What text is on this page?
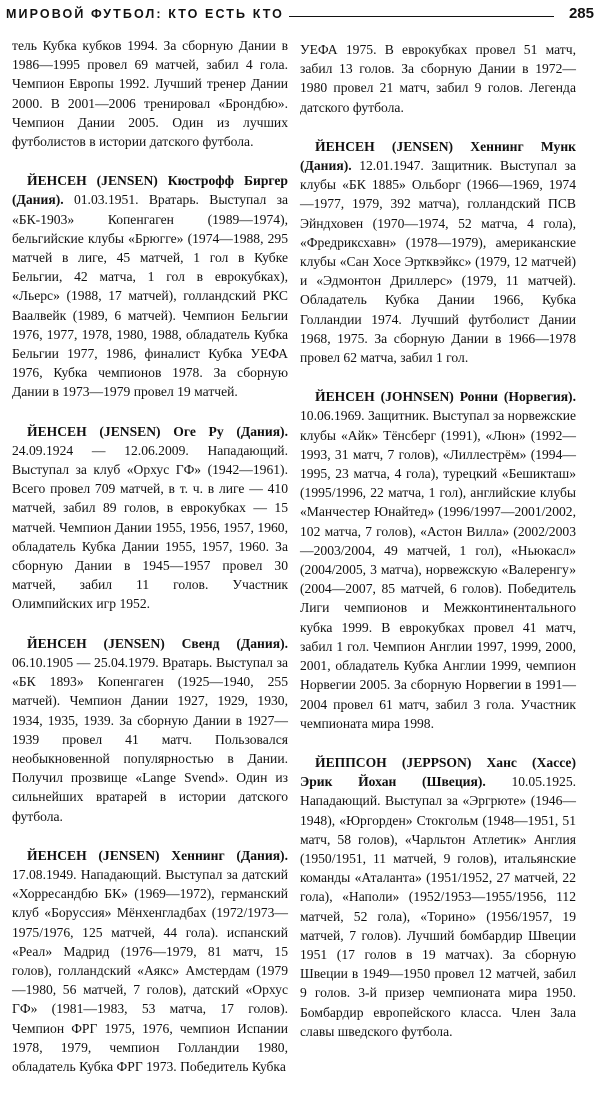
МИРОВОЙ ФУТБОЛ: КТО ЕСТЬ КТО	285

тель Кубка кубков 1994. За сборную Дании в 1986—1995 провел 69 матчей, забил 4 гола. Чемпион Европы 1992. Лучший тренер Дании 2000. В 2001—2006 тренировал «Брондбю». Чемпион Дании 2005. Один из лучших футболистов в истории датского футбола.

ЙЕНСЕН (JENSEN) Кюстрофф Биргер (Дания). 01.03.1951. Вратарь. Выступал за «БК-1903» Копенгаген (1989—1974), бельгийские клубы «Брюгге» (1974—1988, 295 матчей в лиге, 45 матчей, 1 гол в Кубке Бельгии, 42 матча, 1 гол в еврокубках), «Льерс» (1988, 17 матчей), голландский РКС Ваалвейк (1989, 6 матчей). Чемпион Бельгии 1976, 1977, 1978, 1980, 1988, обладатель Кубка Бельгии 1977, 1986, финалист Кубка УЕФА 1976, Кубка чемпионов 1978. За сборную Дании в 1973—1979 провел 19 матчей.

ЙЕНСЕН (JENSEN) Оге Ру (Дания). 24.09.1924 — 12.06.2009. Нападающий. Выступал за клуб «Орхус ГФ» (1942—1961). Всего провел 709 матчей, в т. ч. в лиге — 410 матчей, забил 89 голов, в еврокубках — 15 матчей. Чемпион Дании 1955, 1956, 1957, 1960, обладатель Кубка Дании 1955, 1957, 1960. За сборную Дании в 1945—1957 провел 30 матчей, забил 11 голов. Участник Олимпийских игр 1952.

ЙЕНСЕН (JENSEN) Свенд (Дания). 06.10.1905 — 25.04.1979. Вратарь. Выступал за «БК 1893» Копенгаген (1925—1940, 255 матчей). Чемпион Дании 1927, 1929, 1930, 1934, 1935, 1939. За сборную Дании в 1927—1939 провел 41 матч. Пользовался необыкновенной популярностью в Дании. Получил прозвище «Lange Svend». Один из сильнейших вратарей в истории датского футбола.

ЙЕНСЕН (JENSEN) Хеннинг (Дания). 17.08.1949. Нападающий. Выступал за датский «Хорресандбю БК» (1969—1972), германский клуб «Боруссия» Мёнхенгладбах (1972/1973—1975/1976, 125 матчей, 44 гола). испанский «Реал» Мадрид (1976—1979, 81 матч, 15 голов), голландский «Аякс» Амстердам (1979—1980, 56 матчей, 7 голов), датский «Орхус ГФ» (1981—1983, 53 матча, 17 голов). Чемпион ФРГ 1975, 1976, чемпион Испании 1978, 1979, чемпион Голландии 1980, обладатель Кубка ФРГ 1973. Победитель Кубка

УЕФА 1975. В еврокубках провел 51 матч, забил 13 голов. За сборную Дании в 1972—1980 провел 21 матч, забил 9 голов. Легенда датского футбола.

ЙЕНСЕН (JENSEN) Хеннинг Мунк (Дания). 12.01.1947. Защитник. Выступал за клубы «БК 1885» Ольборг (1966—1969, 1974—1977, 1979, 392 матча), голландский ПСВ Эйндховен (1970—1974, 52 матча, 4 гола), «Фредриксхавн» (1978—1979), американские клубы «Сан Хосе Эртквэйкс» (1979, 12 матчей) и «Эдмонтон Дриллерс» (1979, 11 матчей). Обладатель Кубка Дании 1966, Кубка Голландии 1974. Лучший футболист Дании 1968, 1975. За сборную Дании в 1966—1978 провел 62 матча, забил 1 гол.

ЙЕНСЕН (JOHNSEN) Ронни (Норвегия). 10.06.1969. Защитник. Выступал за норвежские клубы «Айк» Тёнсберг (1991), «Люн» (1992—1993, 31 матч, 7 голов), «Лиллестрём» (1994—1995, 23 матча, 4 гола), турецкий «Бешикташ» (1995/1996, 22 матча, 1 гол), английские клубы «Манчестер Юнайтед» (1996/1997—2001/2002, 102 матча, 7 голов), «Астон Вилла» (2002/2003—2003/2004, 49 матчей, 1 гол), «Ньюкасл» (2004/2005, 3 матча), норвежскую «Валеренгу» (2004—2007, 85 матчей, 6 голов). Победитель Лиги чемпионов и Межконтинентального кубка 1999. В еврокубках провел 41 матч, забил 1 гол. Чемпион Англии 1997, 1999, 2000, 2001, обладатель Кубка Англии 1999, чемпион Норвегии 2005. За сборную Норвегии в 1991—2004 провел 61 матч, забил 3 гола. Участник чемпионата мира 1998.

ЙЕППСОН (JEPPSON) Ханс (Хассе) Эрик Йохан (Швеция). 10.05.1925. Нападающий. Выступал за «Эргрюте» (1946—1948), «Юргорден» Стокгольм (1948—1951, 51 матч, 58 голов), «Чарльтон Атлетик» Англия (1950/1951, 11 матчей, 9 голов), итальянские команды «Аталанта» (1951/1952, 27 матчей, 22 гола), «Наполи» (1952/1953—1955/1956, 112 матчей, 52 гола), «Торино» (1956/1957, 19 матчей, 7 голов). Лучший бомбардир Швеции 1951 (17 голов в 19 матчах). За сборную Швеции в 1949—1950 провел 12 матчей, забил 9 голов. 3-й призер чемпионата мира 1950. Бомбардир европейского класса. Член Зала славы шведского футбола.
